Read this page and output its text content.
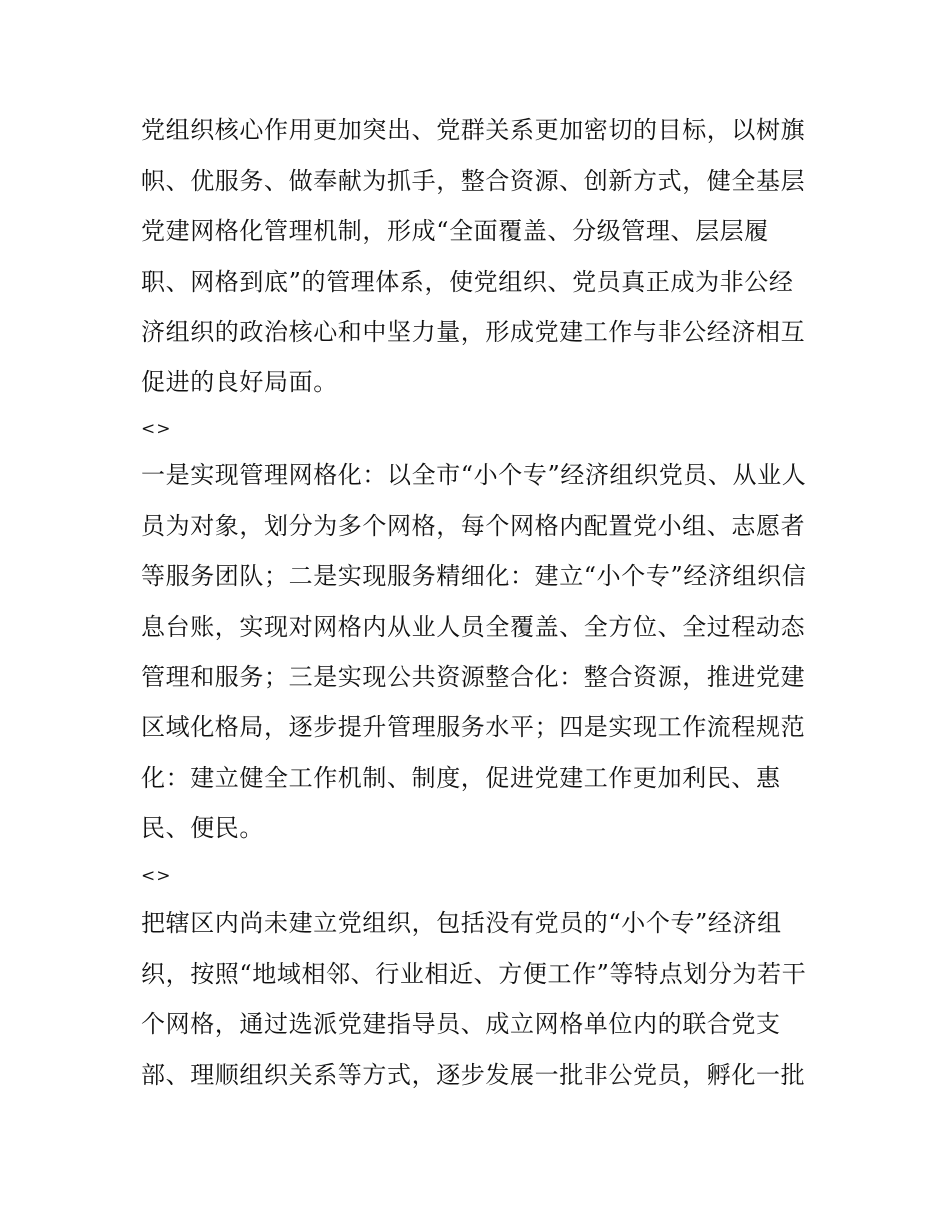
党组织核心作用更加突出、党群关系更加密切的目标，以树旗
帜、优服务、做奉献为抓手，整合资源、创新方式，健全基层
党建网格化管理机制，形成“全面覆盖、分级管理、层层履
职、网格到底”的管理体系，使党组织、党员真正成为非公经
济组织的政治核心和中坚力量，形成党建工作与非公经济相互
促进的良好局面。
<>
一是实现管理网格化：以全市“小个专”经济组织党员、从业人
员为对象，划分为多个网格，每个网格内配置党小组、志愿者
等服务团队；二是实现服务精细化：建立“小个专”经济组织信
息台账，实现对网格内从业人员全覆盖、全方位、全过程动态
管理和服务；三是实现公共资源整合化：整合资源，推进党建
区域化格局，逐步提升管理服务水平；四是实现工作流程规范
化：建立健全工作机制、制度，促进党建工作更加利民、惠
民、便民。
<>
把辖区内尚未建立党组织，包括没有党员的“小个专”经济组
织，按照“地域相邻、行业相近、方便工作”等特点划分为若干
个网格，通过选派党建指导员、成立网格单位内的联合党支
部、理顺组织关系等方式，逐步发展一批非公党员，孵化一批
